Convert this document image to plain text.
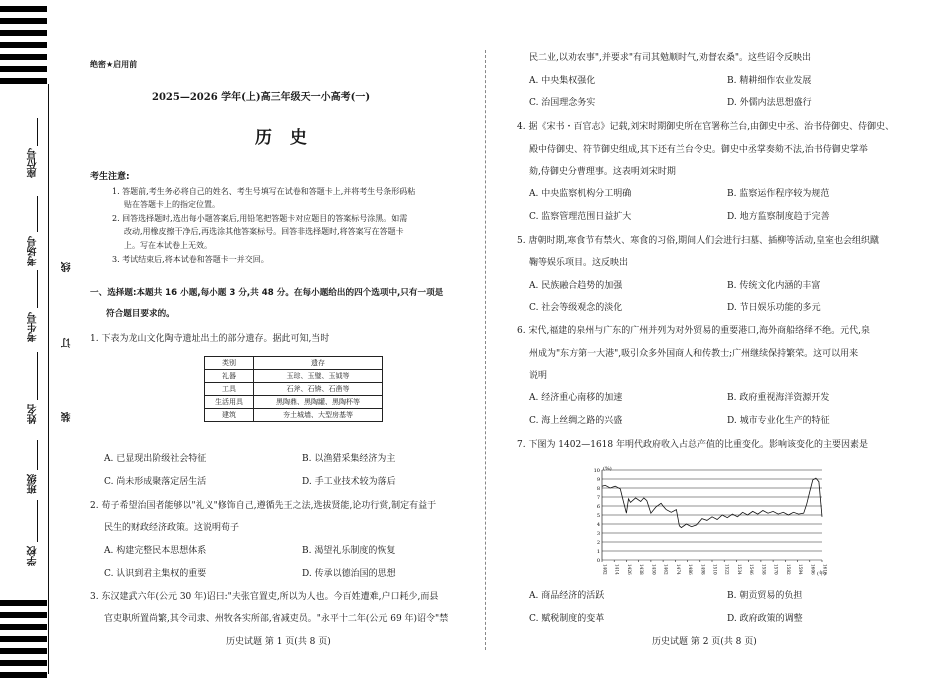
座位号
考场号
考生号
姓名
班级
学校
线
订
装
绝密★启用前
2025—2026 学年(上)高三年级天一小高考(一)
历 史
考生注意:
1. 答题前,考生务必将自己的姓名、考生号填写在试卷和答题卡上,并将考生号条形码粘
贴在答题卡上的指定位置。
2. 回答选择题时,选出每小题答案后,用铅笔把答题卡对应题目的答案标号涂黑。如需
改动,用橡皮擦干净后,再选涂其他答案标号。回答非选择题时,将答案写在答题卡
上。写在本试卷上无效。
3. 考试结束后,将本试卷和答题卡一并交回。
一、选择题:本题共 16 小题,每小题 3 分,共 48 分。在每小题给出的四个选项中,只有一项是
符合题目要求的。
1. 下表为龙山文化陶寺遗址出土的部分遗存。据此可知,当时
类别	遗存
礼器	玉琮、玉璧、玉钺等
工具	石斧、石锛、石凿等
生活用具	黑陶鼎、黑陶罐、黑陶杯等
建筑	夯土城墙、大型房基等
A. 已显现出阶级社会特征	B. 以渔猎采集经济为主
C. 尚未形成聚落定居生活	D. 手工业技术较为落后
2. 荀子希望治国者能够以"礼义"修饰自己,遵循先王之法,选拔贤能,论功行赏,制定有益于
民生的财政经济政策。这说明荀子
A. 构建完整民本思想体系	B. 渴望礼乐制度的恢复
C. 认识到君主集权的重要	D. 传承以德治国的思想
3. 东汉建武六年(公元 30 年)诏曰:"夫张官置吏,所以为人也。今百姓遭难,户口耗少,而县
官吏职所置尚繁,其令司隶、州牧各实所部,省减吏员。"永平十二年(公元 69 年)诏令"禁
历史试题 第 1 页(共 8 页)
民二业,以劝农事",并要求"有司其勉顺时气,劝督农桑"。这些诏令反映出
A. 中央集权强化	B. 精耕细作农业发展
C. 治国理念务实	D. 外儒内法思想盛行
4. 据《宋书・百官志》记载,刘宋时期御史所在官署称兰台,由御史中丞、治书侍御史、侍御史、
殿中侍御史、符节御史组成,其下还有兰台令史。御史中丞掌奏劾不法,治书侍御史掌举
劾,侍御史分曹理事。这表明刘宋时期
A. 中央监察机构分工明确	B. 监察运作程序较为规范
C. 监察管理范围日益扩大	D. 地方监察制度趋于完善
5. 唐朝时期,寒食节有禁火、寒食的习俗,期间人们会进行扫墓、插柳等活动,皇室也会组织蹴
鞠等娱乐项目。这反映出
A. 民族融合趋势的加强	B. 传统文化内涵的丰富
C. 社会等级观念的淡化	D. 节日娱乐功能的多元
6. 宋代,福建的泉州与广东的广州并列为对外贸易的重要港口,海外商船络绎不绝。元代,泉
州成为"东方第一大港",吸引众多外国商人和传教士;广州继续保持繁荣。这可以用来
说明
A. 经济重心南移的加速	B. 政府重视海洋资源开发
C. 海上丝绸之路的兴盛	D. 城市专业化生产的特征
7. 下图为 1402—1618 年明代政府收入占总产值的比重变化。影响该变化的主要因素是
0
1
2
3
4
5
6
7
8
9
10
1402 1414 1426 1438 1450 1462 1474 1486 1498 1510 1522 1534 1546 1558 1570 1582 1594 1606 1618
(%)
(年)
A. 商品经济的活跃	B. 朝贡贸易的负担
C. 赋税制度的变革	D. 政府政策的调整
历史试题 第 2 页(共 8 页)
